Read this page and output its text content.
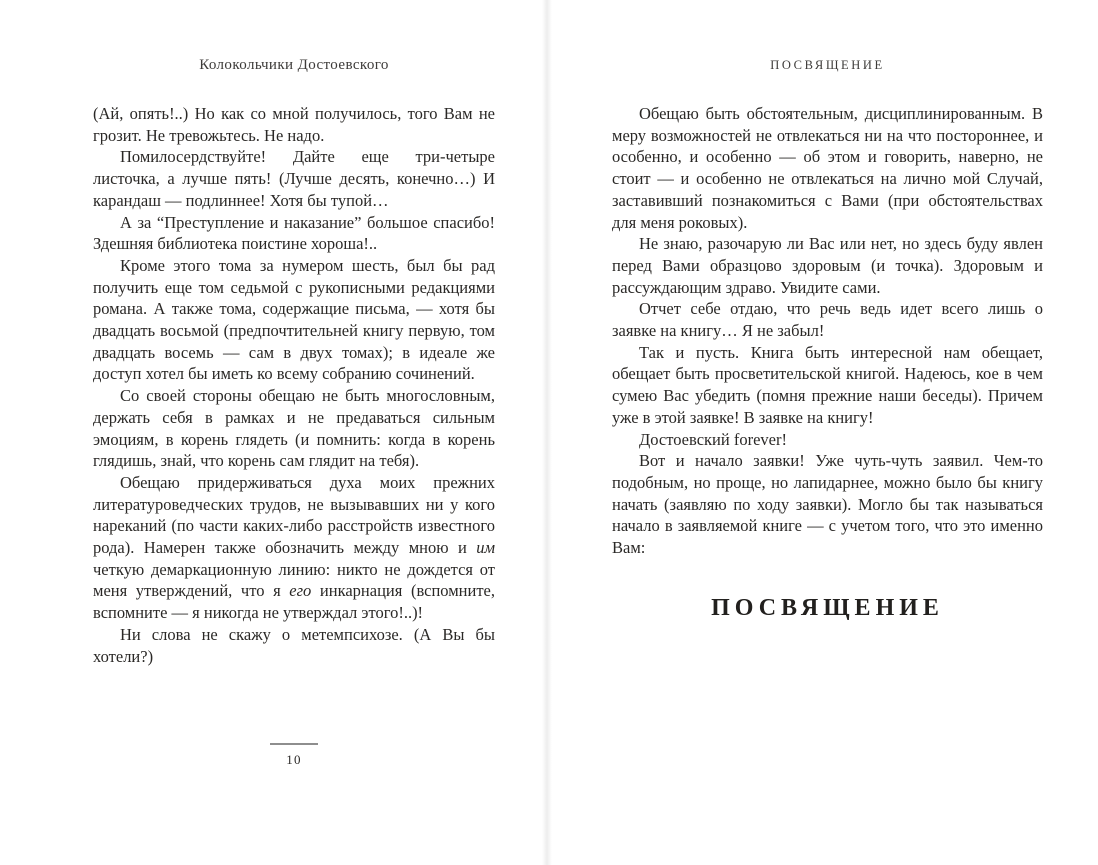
Колокольчики Достоевского

(Ай, опять!..) Но как со мной получилось, того Вам не грозит. Не тревожьтесь. Не надо.

Помилосердствуйте! Дайте еще три-четыре листочка, а лучше пять! (Лучше десять, конечно…) И карандаш — подлиннее! Хотя бы тупой…

А за “Преступление и наказание” большое спасибо! Здешняя библиотека поистине хороша!..

Кроме этого тома за нумером шесть, был бы рад получить еще том седьмой с рукописными редакциями романа. А также тома, содержащие письма, — хотя бы двадцать восьмой (предпочтительней книгу первую, том двадцать восемь — сам в двух томах); в идеале же доступ хотел бы иметь ко всему собранию сочинений.

Со своей стороны обещаю не быть многословным, держать себя в рамках и не предаваться сильным эмоциям, в корень глядеть (и помнить: когда в корень глядишь, знай, что корень сам глядит на тебя).

Обещаю придерживаться духа моих прежних литературоведческих трудов, не вызывавших ни у кого нареканий (по части каких-либо расстройств известного рода). Намерен также обозначить между мною и им четкую демаркационную линию: никто не дождется от меня утверждений, что я его инкарнация (вспомните, вспомните — я никогда не утверждал этого!..)!

Ни слова не скажу о метемпсихозе. (А Вы бы хотели?)

ПОСВЯЩЕНИЕ

Обещаю быть обстоятельным, дисциплинированным. В меру возможностей не отвлекаться ни на что постороннее, и особенно, и особенно — об этом и говорить, наверно, не стоит — и особенно не отвлекаться на лично мой Случай, заставивший познакомиться с Вами (при обстоятельствах для меня роковых).

Не знаю, разочарую ли Вас или нет, но здесь буду явлен перед Вами образцово здоровым (и точка). Здоровым и рассуждающим здраво. Увидите сами.

Отчет себе отдаю, что речь ведь идет всего лишь о заявке на книгу… Я не забыл!

Так и пусть. Книга быть интересной нам обещает, обещает быть просветительской книгой. Надеюсь, кое в чем сумею Вас убедить (помня прежние наши беседы). Причем уже в этой заявке! В заявке на книгу!

Достоевский forever!

Вот и начало заявки! Уже чуть-чуть заявил. Чем-то подобным, но проще, но лапидарнее, можно было бы книгу начать (заявляю по ходу заявки). Могло бы так называться начало в заявляемой книге — с учетом того, что это именно Вам:

ПОСВЯЩЕНИЕ
10
